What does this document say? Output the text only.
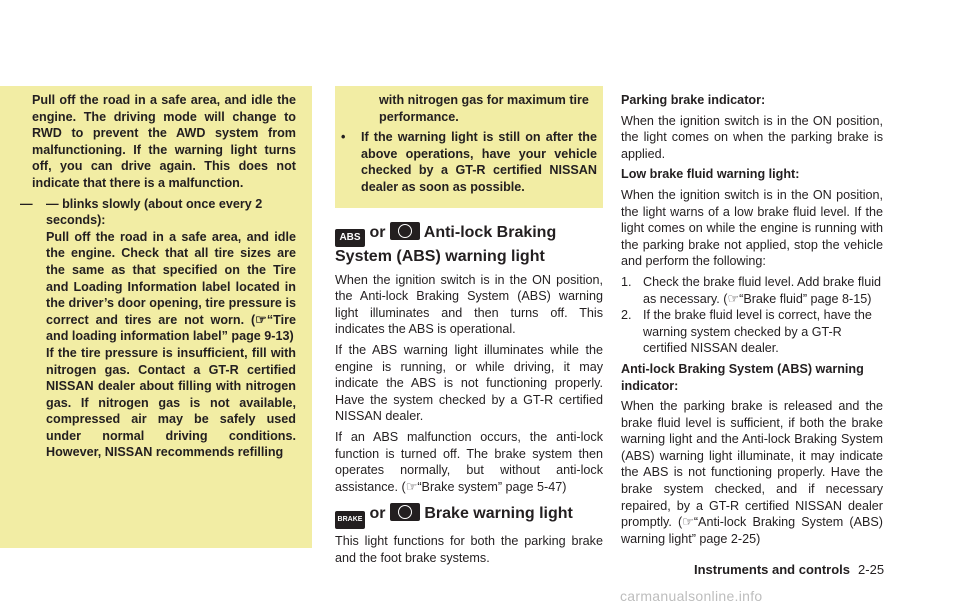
Pull off the road in a safe area, and idle the engine. The driving mode will change to RWD to prevent the AWD system from malfunctioning. If the warning light turns off, you can drive again. This does not indicate that there is a malfunction.

— — blinks slowly (about once every 2 seconds):
Pull off the road in a safe area, and idle the engine. Check that all tire sizes are the same as that specified on the Tire and Loading Information label located in the driver’s door opening, tire pressure is correct and tires are not worn. (☞“Tire and loading information label” page 9-13)
If the tire pressure is insufficient, fill with nitrogen gas. Contact a GT-R certified NISSAN dealer about filling with nitrogen gas. If nitrogen gas is not available, compressed air may be safely used under normal driving conditions. However, NISSAN recommends refilling
with nitrogen gas for maximum tire performance.
• If the warning light is still on after the above operations, have your vehicle checked by a GT-R certified NISSAN dealer as soon as possible.
ABS or Anti-lock Braking
System (ABS) warning light

When the ignition switch is in the ON position, the Anti-lock Braking System (ABS) warning light illuminates and then turns off. This indicates the ABS is operational.

If the ABS warning light illuminates while the engine is running, or while driving, it may indicate the ABS is not functioning properly. Have the system checked by a GT-R certified NISSAN dealer.

If an ABS malfunction occurs, the anti-lock function is turned off. The brake system then operates normally, but without anti-lock assistance. (☞“Brake system” page 5-47)

BRAKE or Brake warning light

This light functions for both the parking brake and the foot brake systems.

Parking brake indicator:

When the ignition switch is in the ON position, the light comes on when the parking brake is applied.

Low brake fluid warning light:

When the ignition switch is in the ON position, the light warns of a low brake fluid level. If the light comes on while the engine is running with the parking brake not applied, stop the vehicle and perform the following:

1. Check the brake fluid level. Add brake fluid as necessary. (☞“Brake fluid” page 8-15)
2. If the brake fluid level is correct, have the warning system checked by a GT-R certified NISSAN dealer.

Anti-lock Braking System (ABS) warning indicator:

When the parking brake is released and the brake fluid level is sufficient, if both the brake warning light and the Anti-lock Braking System (ABS) warning light illuminate, it may indicate the ABS is not functioning properly. Have the brake system checked, and if necessary repaired, by a GT-R certified NISSAN dealer promptly. (☞“Anti-lock Braking System (ABS) warning light” page 2-25)

Instruments and controls 2-25
carmanualsonline.info
